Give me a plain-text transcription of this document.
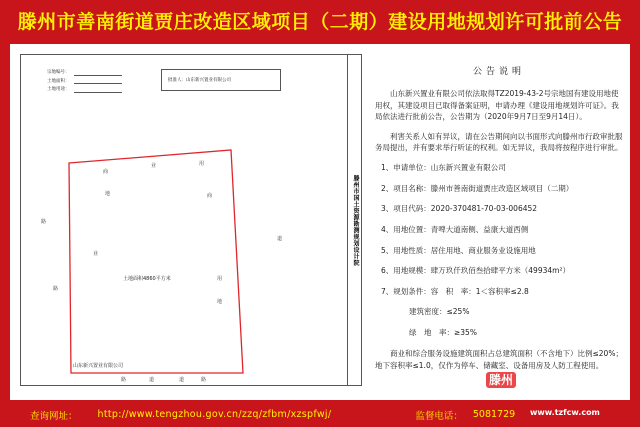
滕州市善南街道贾庄改造区域项目（二期）建设用地规划许可批前公告
宗地编号：
土地面积：
土地用途：
批准人：山东新兴置业有限公司
土地面积4860平方米
山东新兴置业有限公司
商
业	用
地	商
业
用
地
路
路
道
路	道	道	路
滕州市国土资源勘测规划设计院
公告说明

山东新兴置业有限公司依法取得TZ2019-43-2号宗地国有建设用地使用权，其建设项目已取得备案证明，申请办理《建设用地规划许可证》。我局依法进行批前公告，公告期为（2020年9月7日至9月14日）。

利害关系人如有异议，请在公告期间向以书面形式向滕州市行政审批服务局提出，并有要求举行听证的权利。如无异议，我局将按程序进行审批。

1、申请单位： 山东新兴置业有限公司
2、项目名称： 滕州市善南街道贾庄改造区域项目（二期）
3、项目代码： 2020-370481-70-03-006452
4、用地位置： 青啤大道南侧、益康大道西侧
5、用地性质： 居住用地、商业服务业设施用地
6、用地规模： 肆万玖仟玖佰叁拾肆平方米（49934m²）
7、规划条件： 容　积　率：1＜容积率≤2.8
建筑密度：≤25%
绿　地　率：≥35%

商业和综合服务设施建筑面积占总建筑面积（不含地下）比例≤20%；地下容积率≤1.0，仅作为停车、储藏室、设备用房及人防工程使用。

查询网址： http://www.tengzhou.gov.cn/zzq/zfbm/xzspfwj/	监督电话： 5081729
滕州 房产网
www.tzfcw.com
